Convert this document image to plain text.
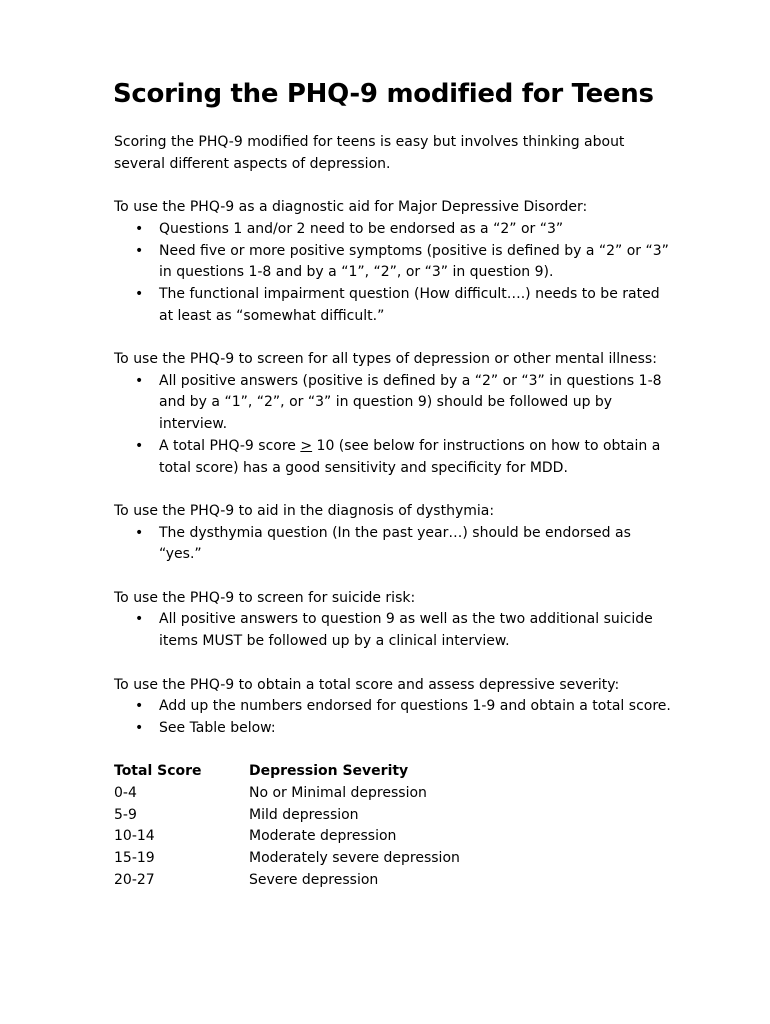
Scoring the PHQ-9 modified for Teens

Scoring the PHQ-9 modified for teens is easy but involves thinking about several different aspects of depression.

To use the PHQ-9 as a diagnostic aid for Major Depressive Disorder:

• Questions 1 and/or 2 need to be endorsed as a “2” or “3”
• Need five or more positive symptoms (positive is defined by a “2” or “3” in questions 1-8 and by a “1”, “2”, or “3” in question 9).
• The functional impairment question (How difficult….) needs to be rated at least as “somewhat difficult.”

To use the PHQ-9 to screen for all types of depression or other mental illness:

• All positive answers (positive is defined by a “2” or “3” in questions 1-8 and by a “1”, “2”, or “3” in question 9) should be followed up by interview.
• A total PHQ-9 score ≥ 10 (see below for instructions on how to obtain a total score) has a good sensitivity and specificity for MDD.

To use the PHQ-9 to aid in the diagnosis of dysthymia:

• The dysthymia question (In the past year…) should be endorsed as “yes.”

To use the PHQ-9 to screen for suicide risk:

• All positive answers to question 9 as well as the two additional suicide items MUST be followed up by a clinical interview.

To use the PHQ-9 to obtain a total score and assess depressive severity:

• Add up the numbers endorsed for questions 1-9 and obtain a total score.
• See Table below:
Total Score	Depression Severity
0-4	No or Minimal depression
5-9	Mild depression
10-14	Moderate depression
15-19	Moderately severe depression
20-27	Severe depression
